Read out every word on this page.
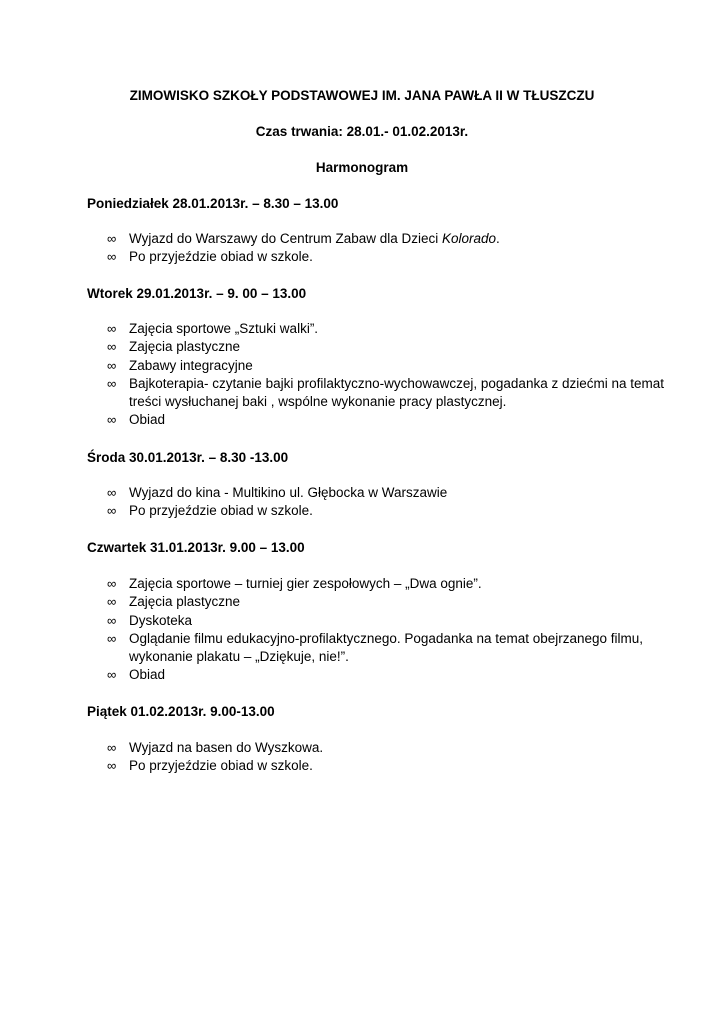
ZIMOWISKO SZKOŁY PODSTAWOWEJ IM. JANA PAWŁA II W TŁUSZCZU
Czas trwania: 28.01.- 01.02.2013r.
Harmonogram
Poniedziałek 28.01.2013r. – 8.30 – 13.00
∞ Wyjazd do Warszawy do Centrum Zabaw dla Dzieci Kolorado.
∞ Po przyjeździe obiad w szkole.
Wtorek 29.01.2013r. – 9. 00 – 13.00
∞ Zajęcia sportowe „Sztuki walki”.
∞ Zajęcia plastyczne
∞ Zabawy integracyjne
∞ Bajkoterapia- czytanie bajki profilaktyczno-wychowawczej, pogadanka z dziećmi na temat treści wysłuchanej baki , wspólne wykonanie pracy plastycznej.
∞ Obiad
Środa 30.01.2013r. – 8.30 -13.00
∞ Wyjazd do kina - Multikino ul. Głębocka w Warszawie
∞ Po przyjeździe obiad w szkole.
Czwartek 31.01.2013r. 9.00 – 13.00
∞ Zajęcia sportowe – turniej gier zespołowych – „Dwa ognie”.
∞ Zajęcia plastyczne
∞ Dyskoteka
∞ Oglądanie filmu edukacyjno-profilaktycznego. Pogadanka na temat obejrzanego filmu, wykonanie plakatu – „Dziękuje, nie!”.
∞ Obiad
Piątek 01.02.2013r. 9.00-13.00
∞ Wyjazd na basen do Wyszkowa.
∞ Po przyjeździe obiad w szkole.
